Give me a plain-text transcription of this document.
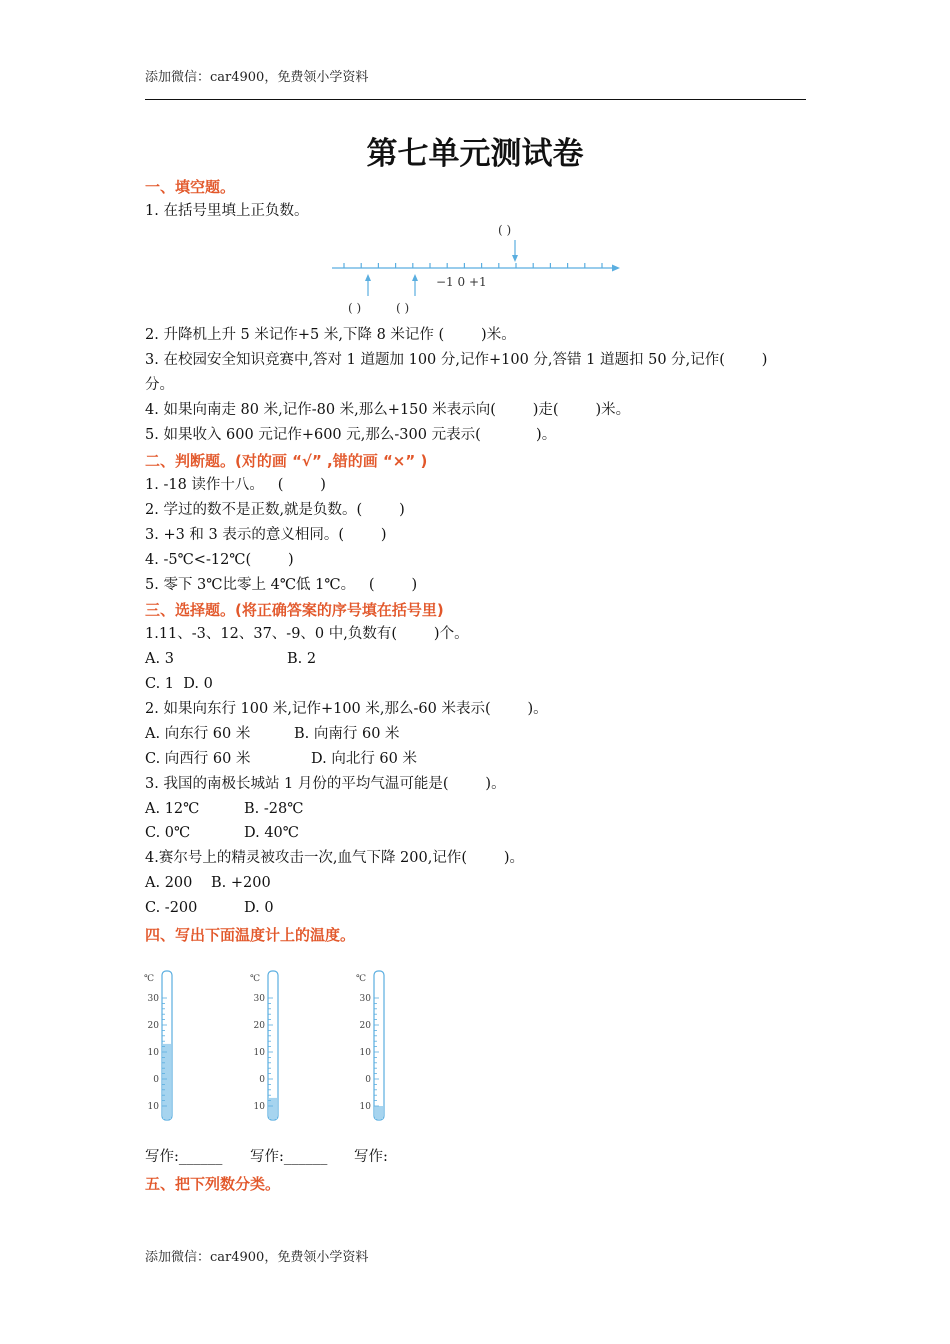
添加微信：car4900，免费领小学资料
第七单元测试卷
一、填空题。
1. 在括号里填上正负数。
( )
−1 0 +1
( )	( )
2. 升降机上升 5 米记作+5 米,下降 8 米记作 (        )米。
3. 在校园安全知识竞赛中,答对 1 道题加 100 分,记作+100 分,答错 1 道题扣 50 分,记作(        )
分。
4. 如果向南走 80 米,记作-80 米,那么+150 米表示向(        )走(        )米。
5. 如果收入 600 元记作+600 元,那么-300 元表示(            )。
二、判断题。(对的画 “√” ,错的画 “×” )
1. -18 读作十八。   (        )
2. 学过的数不是正数,就是负数。(        )
3. +3 和 3 表示的意义相同。(        )
4. -5℃<-12℃(        )
5. 零下 3℃比零上 4℃低 1℃。   (        )
三、选择题。(将正确答案的序号填在括号里)
1.11、-3、12、37、-9、0 中,负数有(        )个。
A. 3	B. 2
C. 1  D. 0
2. 如果向东行 100 米,记作+100 米,那么-60 米表示(        )。
A. 向东行 60 米	B. 向南行 60 米
C. 向西行 60 米	D. 向北行 60 米
3. 我国的南极长城站 1 月份的平均气温可能是(        )。
A. 12℃	B. -28℃
C. 0℃	D. 40℃
4.赛尔号上的精灵被攻击一次,血气下降 200,记作(        )。
A. 200 B. +200
C. -200	D. 0
四、写出下面温度计上的温度。
℃
30
20
10
0
10
℃
30
20
10
0
10
℃
30
20
10
0
10
写作:______ 写作:______ 写作:
五、把下列数分类。
添加微信：car4900，免费领小学资料
